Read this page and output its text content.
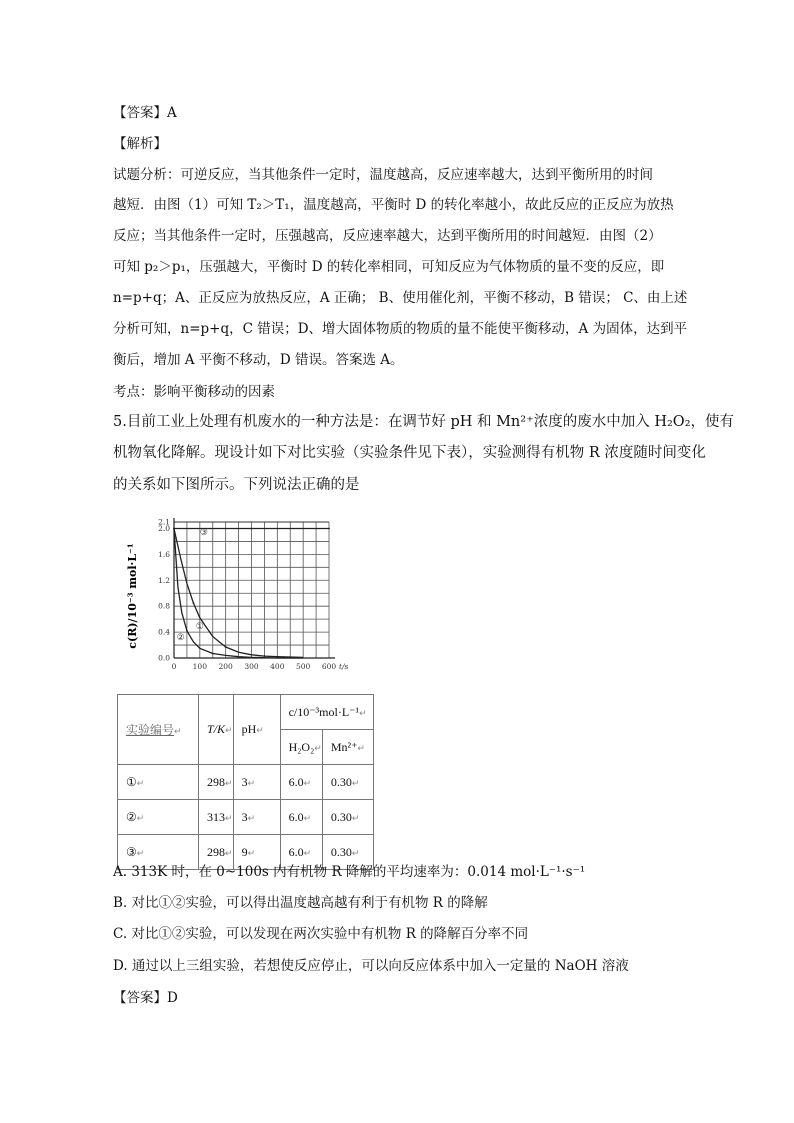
【答案】A
【解析】
试题分析：可逆反应，当其他条件一定时，温度越高，反应速率越大，达到平衡所用的时间
越短．由图（1）可知 T₂＞T₁，温度越高，平衡时 D 的转化率越小，故此反应的正反应为放热
反应；当其他条件一定时，压强越高，反应速率越大，达到平衡所用的时间越短．由图（2）
可知 p₂＞p₁，压强越大，平衡时 D 的转化率相同，可知反应为气体物质的量不变的反应，即
n=p+q；A、正反应为放热反应，A 正确； B、使用催化剂，平衡不移动，B 错误； C、由上述
分析可知，n=p+q，C 错误；D、增大固体物质的物质的量不能使平衡移动，A 为固体，达到平
衡后，增加 A 平衡不移动，D 错误。答案选 A。
考点：影响平衡移动的因素
5.目前工业上处理有机废水的一种方法是：在调节好 pH 和 Mn²⁺浓度的废水中加入 H₂O₂，使有
机物氧化降解。现设计如下对比实验（实验条件见下表），实验测得有机物 R 浓度随时间变化
的关系如下图所示。下列说法正确的是
0 100 200 300 400 500 600 t/s
0.0
0.4
0.8
1.2
1.6
2.0
2.1
①
②
③
c(R)/10⁻³ mol·L⁻¹
实验编号↵	T/K↵	pH↵	c/10⁻³mol·L⁻¹↵	
			H₂O₂↵	Mn²⁺↵
①↵	298↵	3↵	6.0↵	0.30↵
②↵	313↵	3↵	6.0↵	0.30↵
③↵	298↵	9↵	6.0↵	0.30↵
A. 313K 时，在 0~100s 内有机物 R 降解的平均速率为：0.014 mol·L⁻¹·s⁻¹
B. 对比①②实验，可以得出温度越高越有利于有机物 R 的降解
C. 对比①②实验，可以发现在两次实验中有机物 R 的降解百分率不同
D. 通过以上三组实验，若想使反应停止，可以向反应体系中加入一定量的 NaOH 溶液
【答案】D
